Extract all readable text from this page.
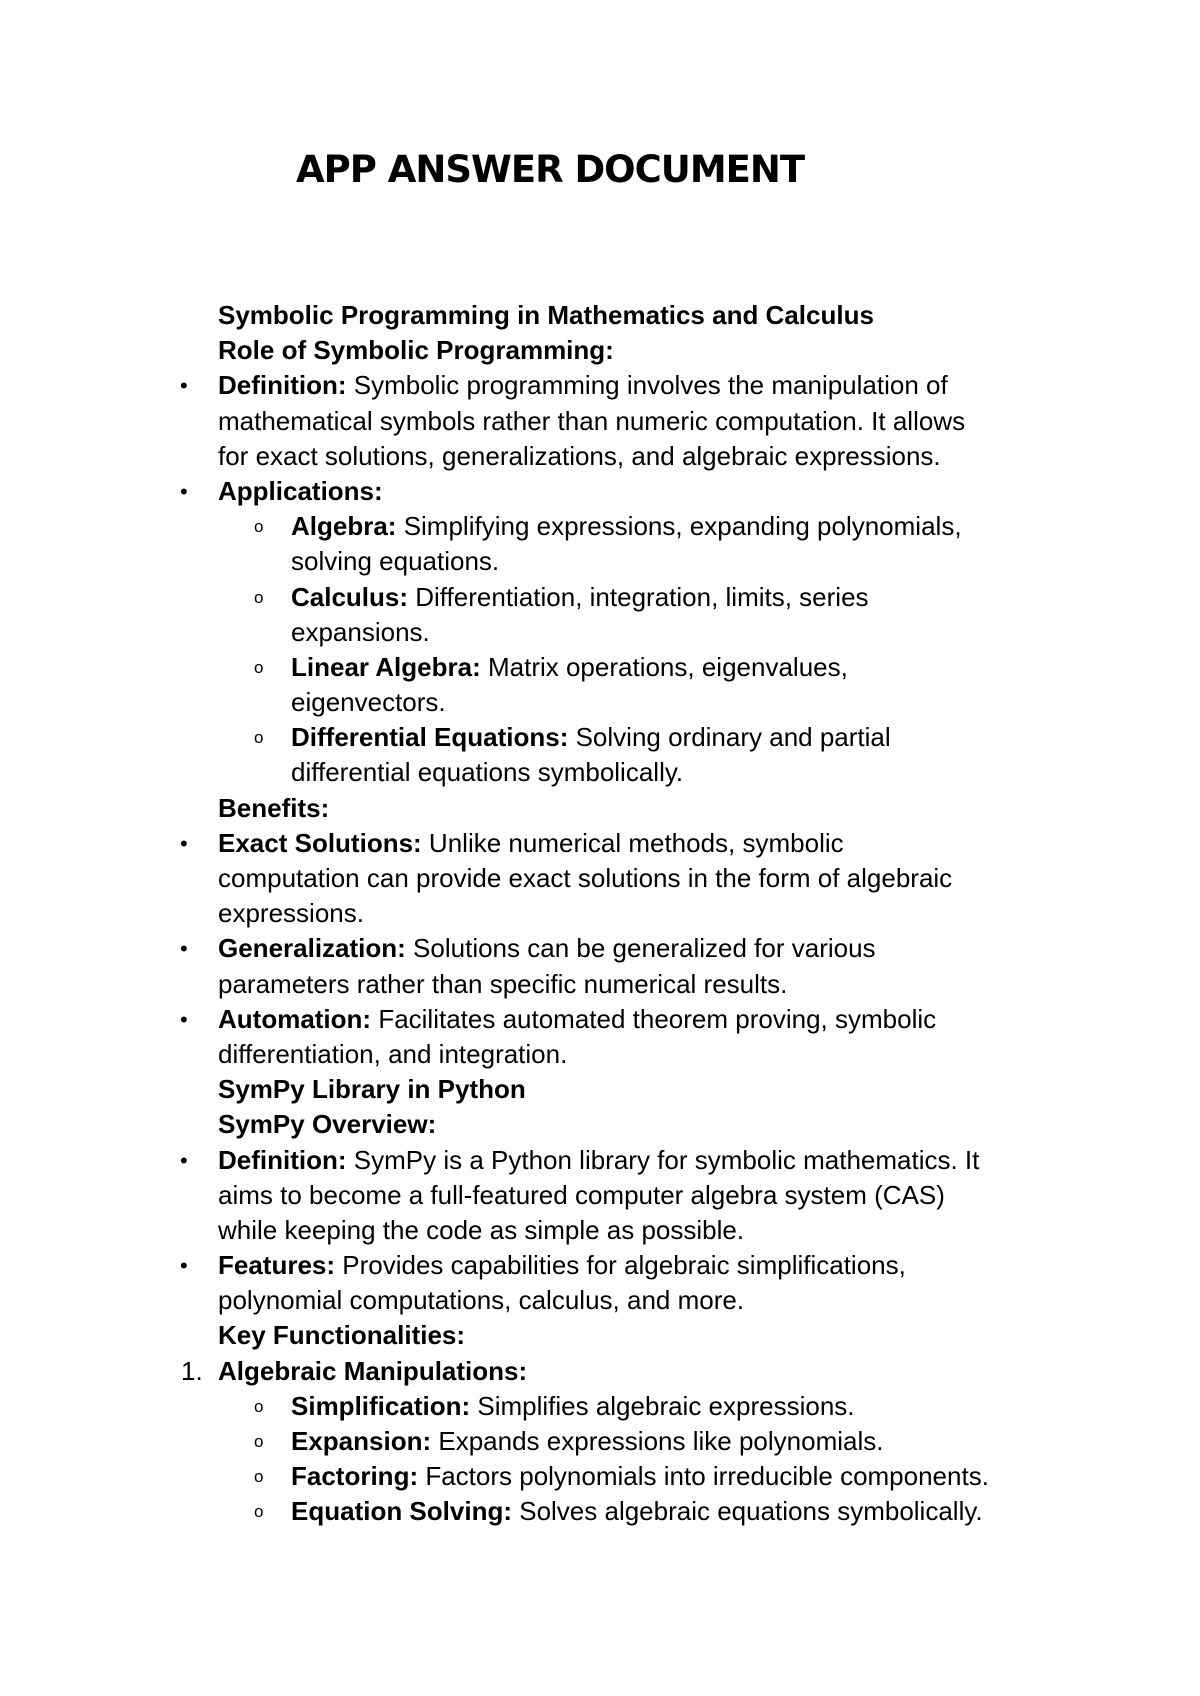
APP ANSWER DOCUMENT
Symbolic Programming in Mathematics and Calculus
Role of Symbolic Programming:
• Definition: Symbolic programming involves the manipulation of
mathematical symbols rather than numeric computation. It allows
for exact solutions, generalizations, and algebraic expressions.
• Applications:
o Algebra: Simplifying expressions, expanding polynomials,
solving equations.
o Calculus: Differentiation, integration, limits, series
expansions.
o Linear Algebra: Matrix operations, eigenvalues,
eigenvectors.
o Differential Equations: Solving ordinary and partial
differential equations symbolically.
Benefits:
• Exact Solutions: Unlike numerical methods, symbolic
computation can provide exact solutions in the form of algebraic
expressions.
• Generalization: Solutions can be generalized for various
parameters rather than specific numerical results.
• Automation: Facilitates automated theorem proving, symbolic
differentiation, and integration.
SymPy Library in Python
SymPy Overview:
• Definition: SymPy is a Python library for symbolic mathematics. It
aims to become a full-featured computer algebra system (CAS)
while keeping the code as simple as possible.
• Features: Provides capabilities for algebraic simplifications,
polynomial computations, calculus, and more.
Key Functionalities:
1. Algebraic Manipulations:
o Simplification: Simplifies algebraic expressions.
o Expansion: Expands expressions like polynomials.
o Factoring: Factors polynomials into irreducible components.
o Equation Solving: Solves algebraic equations symbolically.
